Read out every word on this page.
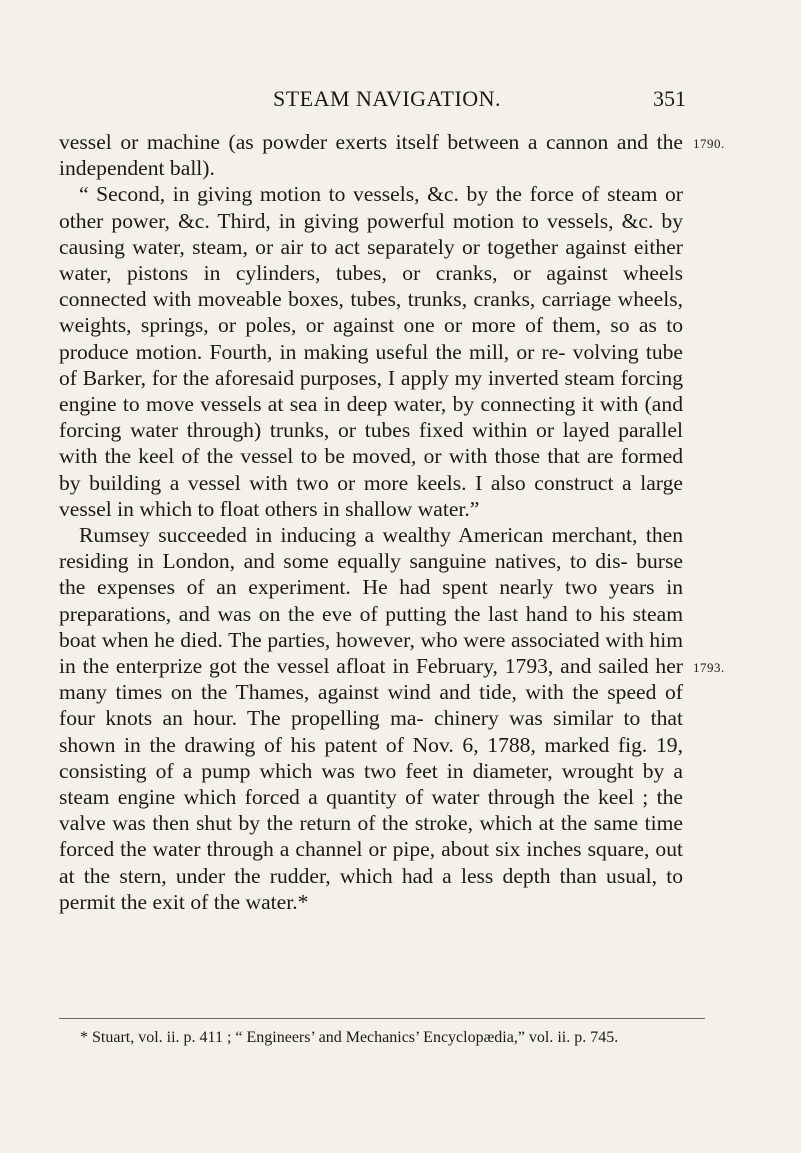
STEAM NAVIGATION.	351
1790.
1793.

vessel or machine (as powder exerts itself between a cannon and the independent ball).

“ Second, in giving motion to vessels, &c. by the force of steam or other power, &c. Third, in giving powerful motion to vessels, &c. by causing water, steam, or air to act separately or together against either water, pistons in cylinders, tubes, or cranks, or against wheels connected with moveable boxes, tubes, trunks, cranks, carriage wheels, weights, springs, or poles, or against one or more of them, so as to produce motion. Fourth, in making useful the mill, or re- volving tube of Barker, for the aforesaid purposes, I apply my inverted steam forcing engine to move vessels at sea in deep water, by connecting it with (and forcing water through) trunks, or tubes fixed within or layed parallel with the keel of the vessel to be moved, or with those that are formed by building a vessel with two or more keels. I also construct a large vessel in which to float others in shallow water.”

Rumsey succeeded in inducing a wealthy American merchant, then residing in London, and some equally sanguine natives, to dis- burse the expenses of an experiment. He had spent nearly two years in preparations, and was on the eve of putting the last hand to his steam boat when he died. The parties, however, who were associated with him in the enterprize got the vessel afloat in February, 1793, and sailed her many times on the Thames, against wind and tide, with the speed of four knots an hour. The propelling ma- chinery was similar to that shown in the drawing of his patent of Nov. 6, 1788, marked fig. 19, consisting of a pump which was two feet in diameter, wrought by a steam engine which forced a quantity of water through the keel ; the valve was then shut by the return of the stroke, which at the same time forced the water through a channel or pipe, about six inches square, out at the stern, under the rudder, which had a less depth than usual, to permit the exit of the water.*

* Stuart, vol. ii. p. 411 ; “ Engineers’ and Mechanics’ Encyclopædia,” vol. ii. p. 745.
